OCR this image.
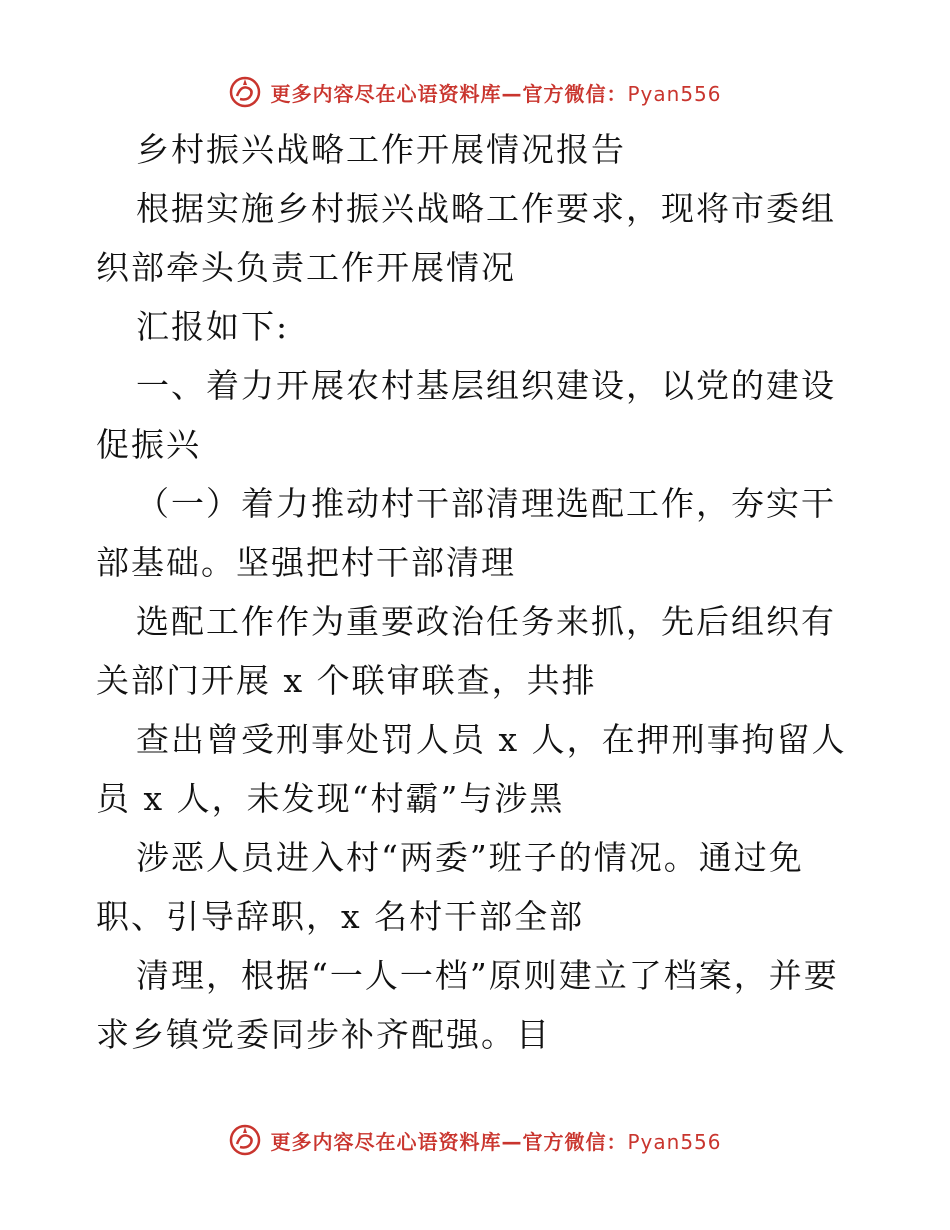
更多内容尽在心语资料库—官方微信：Pyan556

乡村振兴战略工作开展情况报告

根据实施乡村振兴战略工作要求，现将市委组织部牵头负责工作开展情况

汇报如下:

一、着力开展农村基层组织建设，以党的建设促振兴

（一）着力推动村干部清理选配工作，夯实干部基础。坚强把村干部清理

选配工作作为重要政治任务来抓，先后组织有关部门开展 x 个联审联查，共排

查出曾受刑事处罚人员 x 人，在押刑事拘留人员 x 人，未发现“村霸”与涉黑

涉恶人员进入村“两委”班子的情况。通过免职、引导辞职，x 名村干部全部

清理，根据“一人一档”原则建立了档案，并要求乡镇党委同步补齐配强。目

更多内容尽在心语资料库—官方微信：Pyan556
